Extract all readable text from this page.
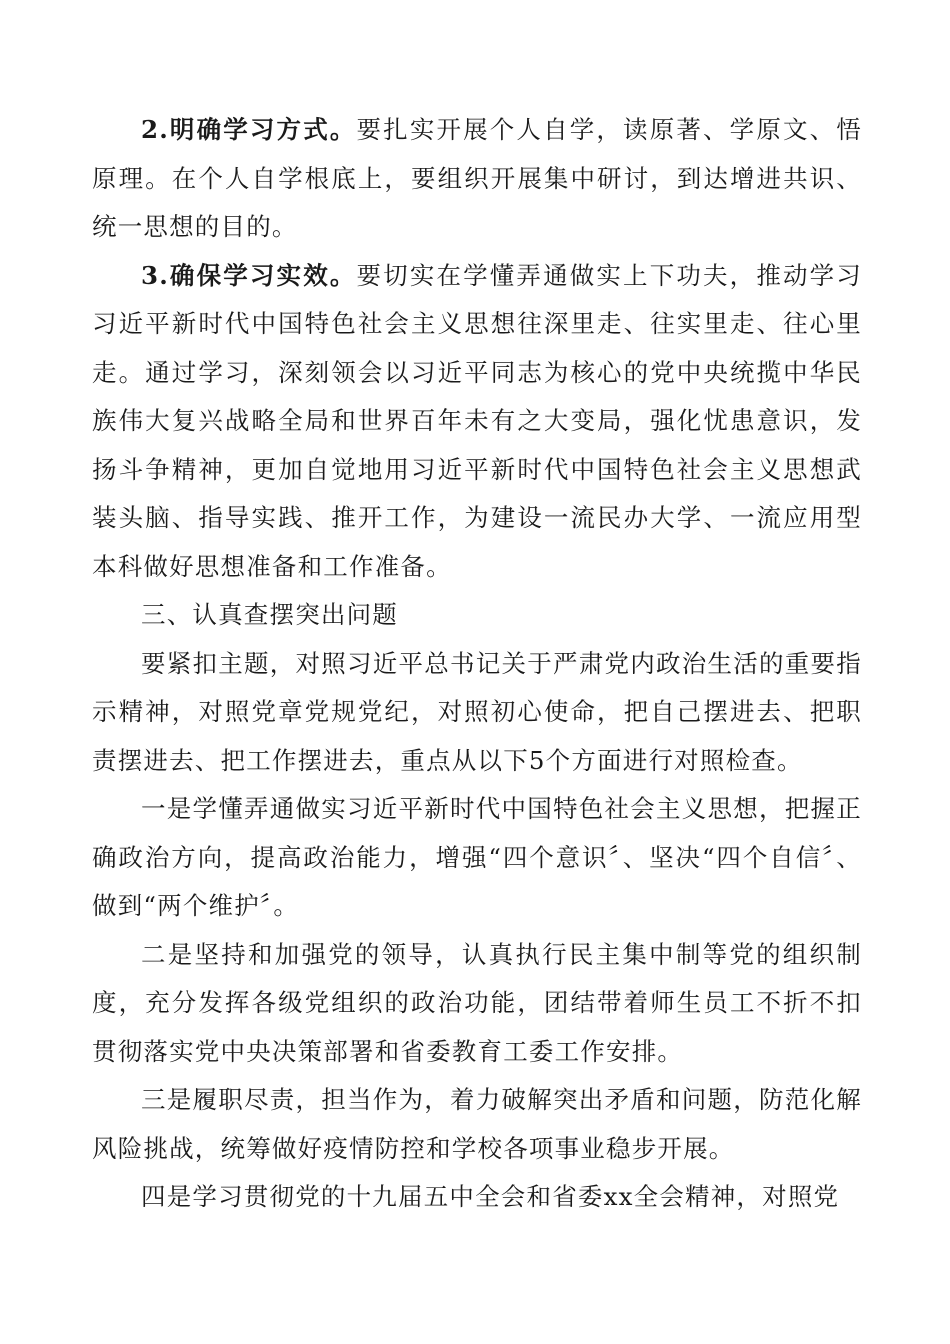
2.明确学习方式。要扎实开展个人自学，读原著、学原文、悟原理。在个人自学根底上，要组织开展集中研讨，到达增进共识、统一思想的目的。

3.确保学习实效。要切实在学懂弄通做实上下功夫，推动学习习近平新时代中国特色社会主义思想往深里走、往实里走、往心里走。通过学习，深刻领会以习近平同志为核心的党中央统揽中华民族伟大复兴战略全局和世界百年未有之大变局，强化忧患意识，发扬斗争精神，更加自觉地用习近平新时代中国特色社会主义思想武装头脑、指导实践、推开工作，为建设一流民办大学、一流应用型本科做好思想准备和工作准备。

三、认真查摆突出问题

要紧扣主题，对照习近平总书记关于严肃党内政治生活的重要指示精神，对照党章党规党纪，对照初心使命，把自己摆进去、把职责摆进去、把工作摆进去，重点从以下5个方面进行对照检查。

一是学懂弄通做实习近平新时代中国特色社会主义思想，把握正确政治方向，提高政治能力，增强“四个意识〞、坚决“四个自信〞、做到“两个维护〞。

二是坚持和加强党的领导，认真执行民主集中制等党的组织制度，充分发挥各级党组织的政治功能，团结带着师生员工不折不扣贯彻落实党中央决策部署和省委教育工委工作安排。

三是履职尽责，担当作为，着力破解突出矛盾和问题，防范化解风险挑战，统筹做好疫情防控和学校各项事业稳步开展。

四是学习贯彻党的十九届五中全会和省委xx全会精神，对照党
